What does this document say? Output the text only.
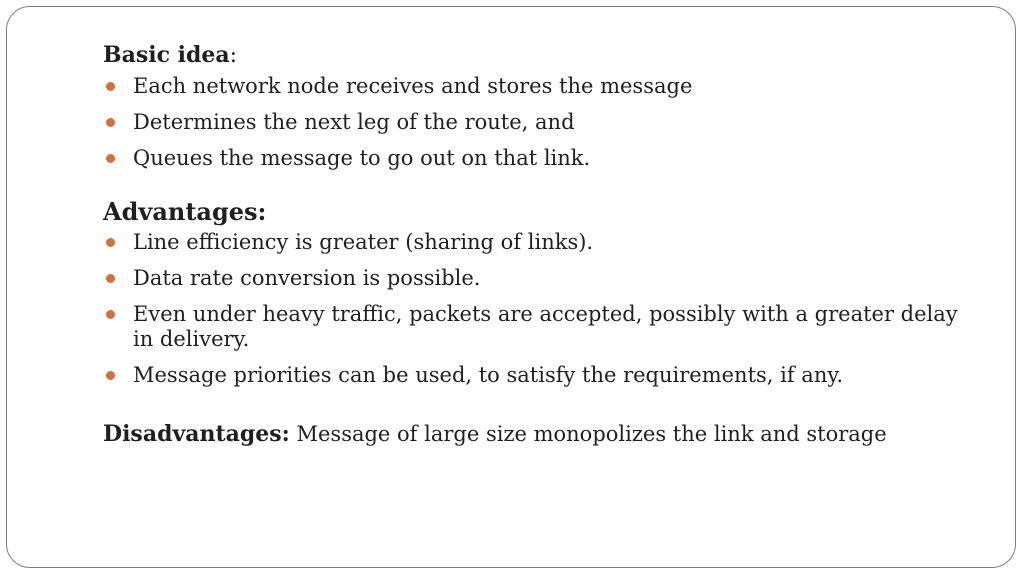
Basic idea:

Each network node receives and stores the message
Determines the next leg of the route, and
Queues the message to go out on that link.

Advantages:

Line efficiency is greater (sharing of links).
Data rate conversion is possible.
Even under heavy traffic, packets are accepted, possibly with a greater delay in delivery.
Message priorities can be used, to satisfy the requirements, if any.
Disadvantages: Message of large size monopolizes the link and storage
